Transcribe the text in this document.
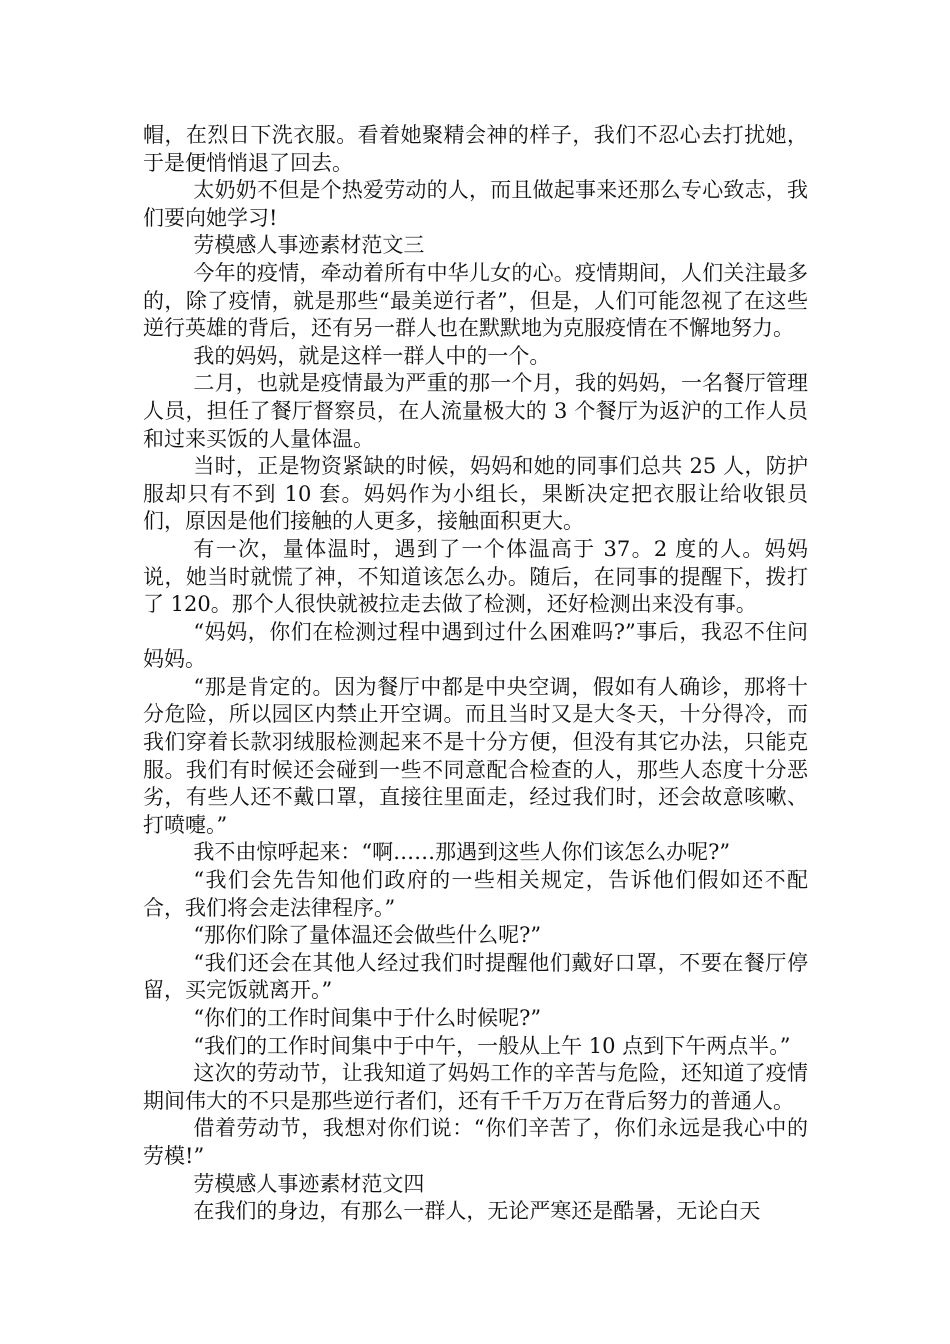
帽，在烈日下洗衣服。看着她聚精会神的样子，我们不忍心去打扰她，于是便悄悄退了回去。

太奶奶不但是个热爱劳动的人，而且做起事来还那么专心致志，我们要向她学习!

劳模感人事迹素材范文三

今年的疫情，牵动着所有中华儿女的心。疫情期间，人们关注最多的，除了疫情，就是那些“最美逆行者”，但是，人们可能忽视了在这些逆行英雄的背后，还有另一群人也在默默地为克服疫情在不懈地努力。

我的妈妈，就是这样一群人中的一个。

二月，也就是疫情最为严重的那一个月，我的妈妈，一名餐厅管理人员，担任了餐厅督察员，在人流量极大的 3 个餐厅为返沪的工作人员和过来买饭的人量体温。

当时，正是物资紧缺的时候，妈妈和她的同事们总共 25 人，防护服却只有不到 10 套。妈妈作为小组长，果断决定把衣服让给收银员们，原因是他们接触的人更多，接触面积更大。

有一次，量体温时，遇到了一个体温高于 37。2 度的人。妈妈说，她当时就慌了神，不知道该怎么办。随后，在同事的提醒下，拨打了 120。那个人很快就被拉走去做了检测，还好检测出来没有事。

“妈妈，你们在检测过程中遇到过什么困难吗?”事后，我忍不住问妈妈。

“那是肯定的。因为餐厅中都是中央空调，假如有人确诊，那将十分危险，所以园区内禁止开空调。而且当时又是大冬天，十分得冷，而我们穿着长款羽绒服检测起来不是十分方便，但没有其它办法，只能克服。我们有时候还会碰到一些不同意配合检查的人，那些人态度十分恶劣，有些人还不戴口罩，直接往里面走，经过我们时，还会故意咳嗽、打喷嚏。”

我不由惊呼起来：“啊……那遇到这些人你们该怎么办呢?”

“我们会先告知他们政府的一些相关规定，告诉他们假如还不配合，我们将会走法律程序。”

“那你们除了量体温还会做些什么呢?”

“我们还会在其他人经过我们时提醒他们戴好口罩，不要在餐厅停留，买完饭就离开。”

“你们的工作时间集中于什么时候呢?”

“我们的工作时间集中于中午，一般从上午 10 点到下午两点半。”

这次的劳动节，让我知道了妈妈工作的辛苦与危险，还知道了疫情期间伟大的不只是那些逆行者们，还有千千万万在背后努力的普通人。

借着劳动节，我想对你们说：“你们辛苦了，你们永远是我心中的劳模!”

劳模感人事迹素材范文四

在我们的身边，有那么一群人，无论严寒还是酷暑，无论白天
